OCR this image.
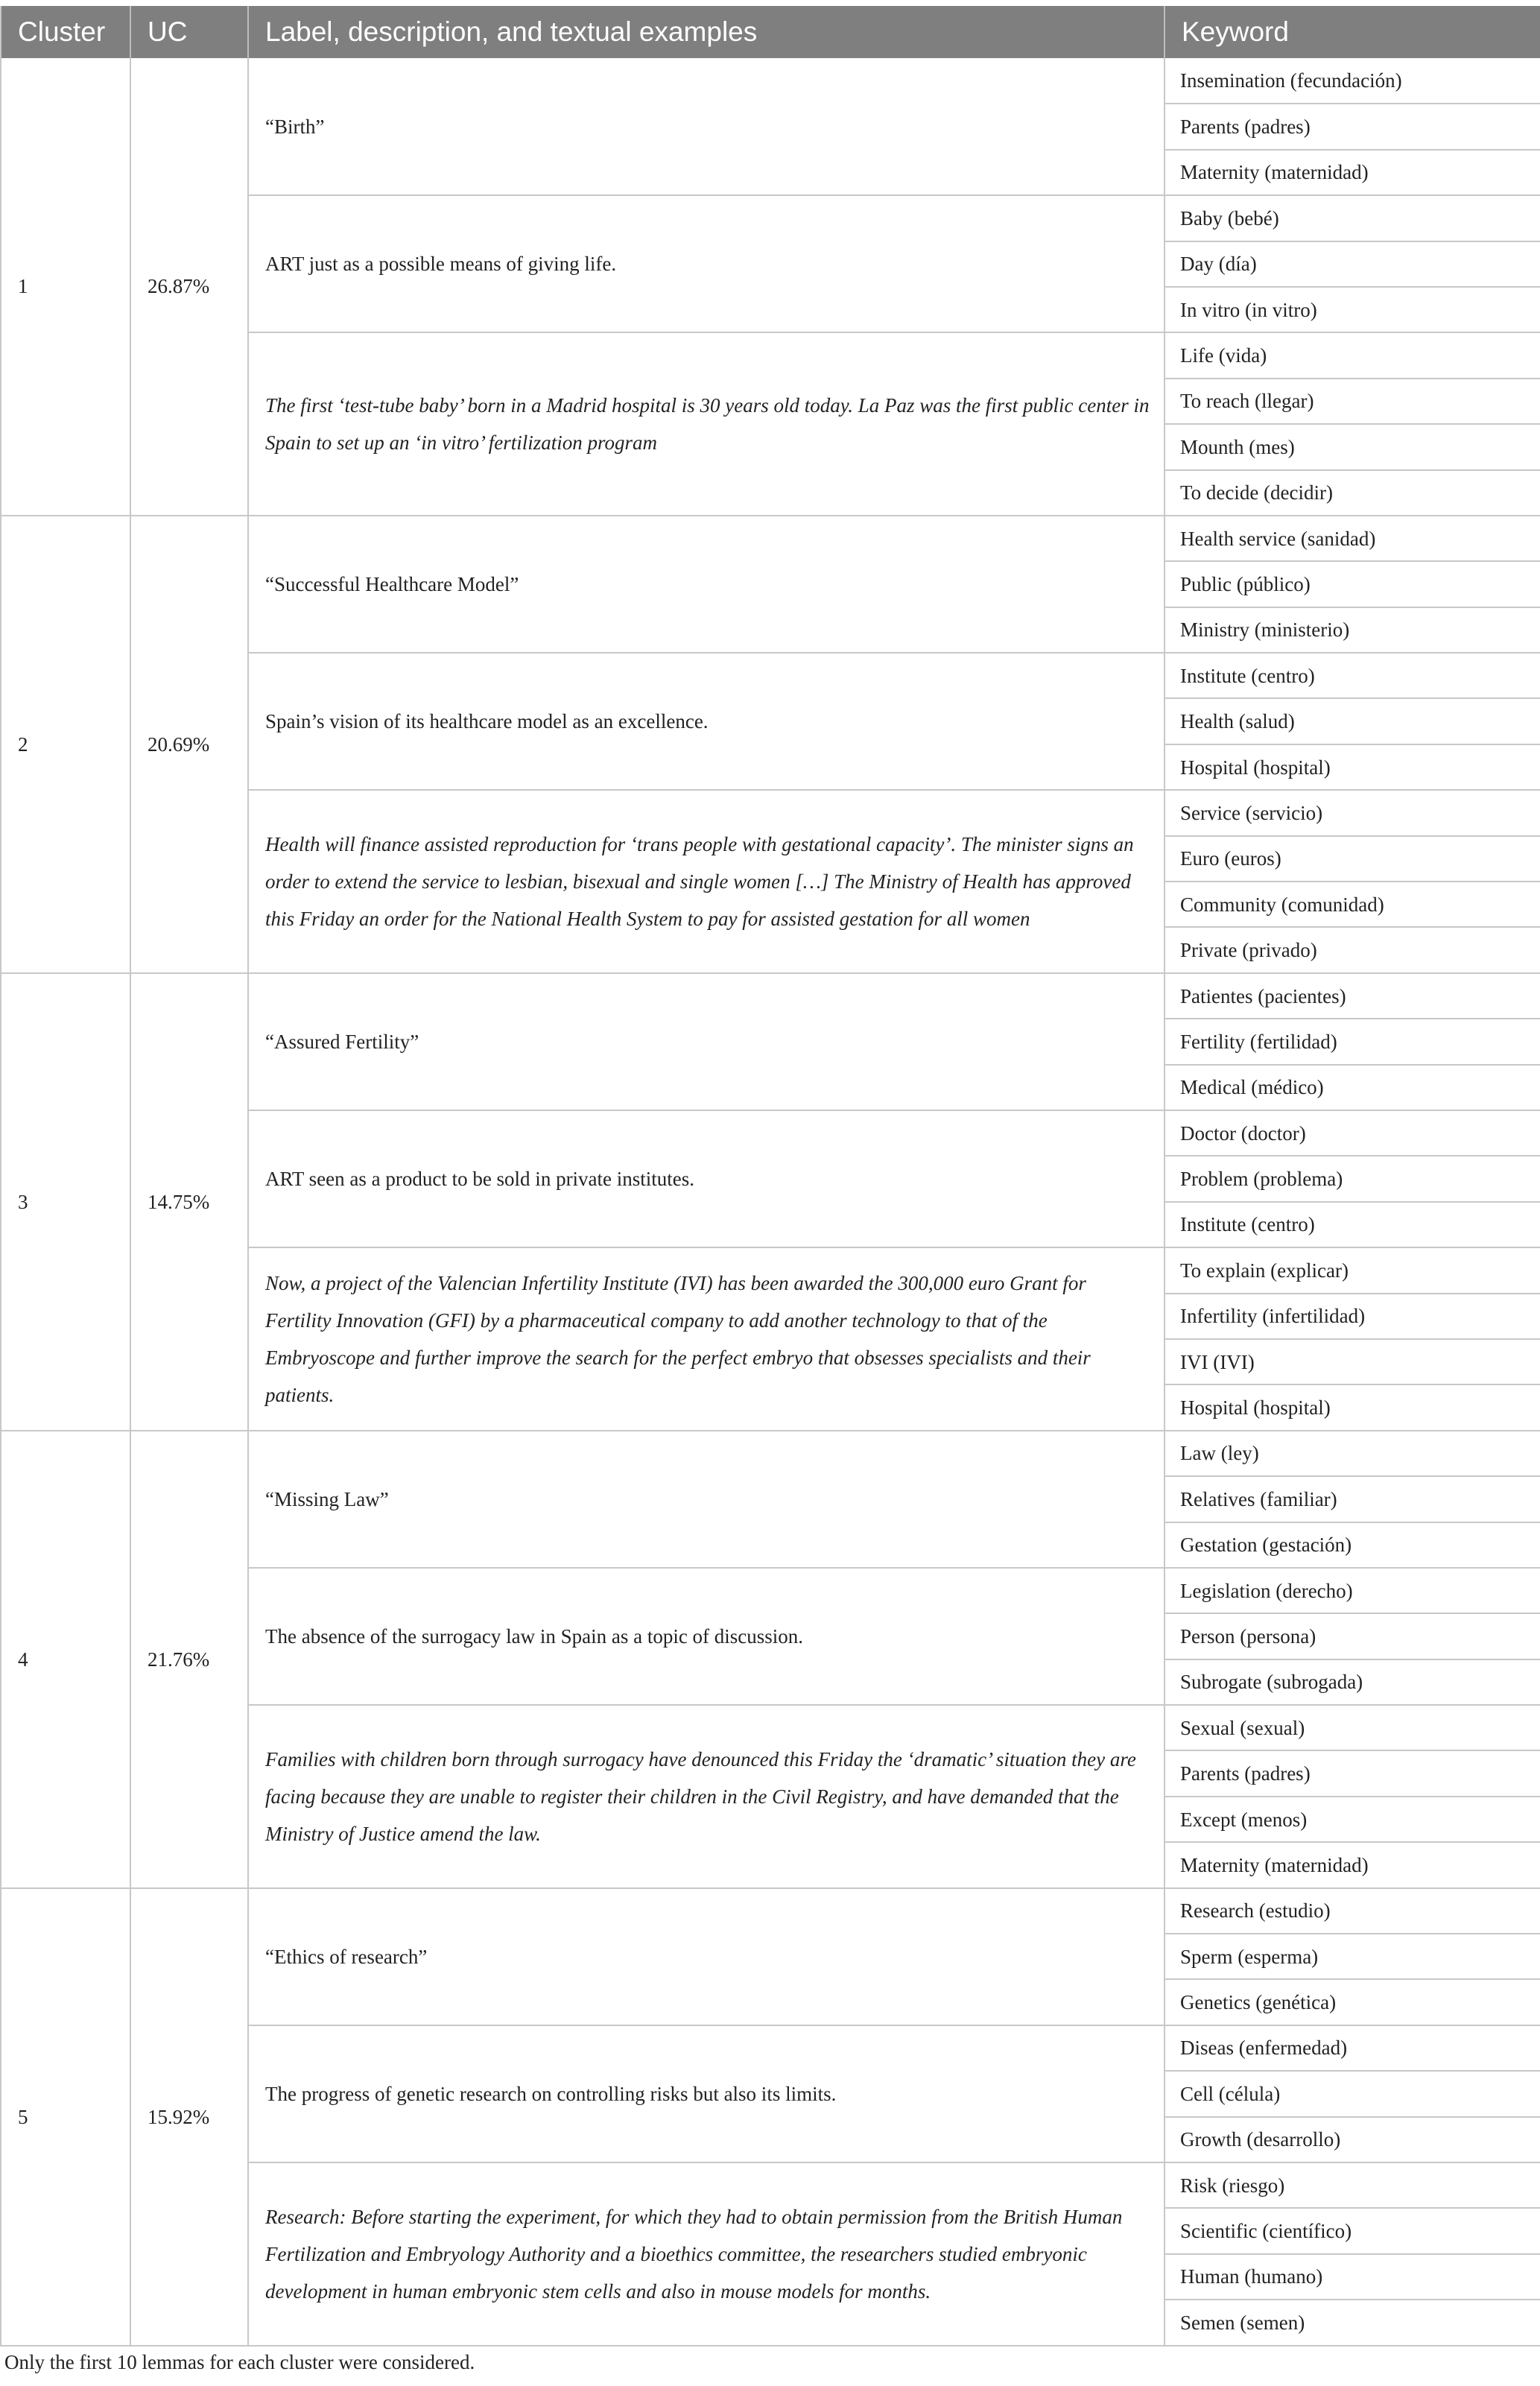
Cluster	UC	Label, description, and textual examples	Keyword
1	26.87%	“Birth”	Insemination (fecundación)
			Parents (padres)
			Maternity (maternidad)
		ART just as a possible means of giving life.	Baby (bebé)
			Day (día)
			In vitro (in vitro)
		The first ‘test-tube baby’ born in a Madrid hospital is 30 years old today. La Paz was the first public center in Spain to set up an ‘in vitro’ fertilization program	Life (vida)
			To reach (llegar)
			Mounth (mes)
			To decide (decidir)
2	20.69%	“Successful Healthcare Model”	Health service (sanidad)
			Public (público)
			Ministry (ministerio)
		Spain’s vision of its healthcare model as an excellence.	Institute (centro)
			Health (salud)
			Hospital (hospital)
		Health will finance assisted reproduction for ‘trans people with gestational capacity’. The minister signs an order to extend the service to lesbian, bisexual and single women […] The Ministry of Health has approved this Friday an order for the National Health System to pay for assisted gestation for all women	Service (servicio)
			Euro (euros)
			Community (comunidad)
			Private (privado)
3	14.75%	“Assured Fertility”	Patientes (pacientes)
			Fertility (fertilidad)
			Medical (médico)
		ART seen as a product to be sold in private institutes.	Doctor (doctor)
			Problem (problema)
			Institute (centro)
		Now, a project of the Valencian Infertility Institute (IVI) has been awarded the 300,000 euro Grant for Fertility Innovation (GFI) by a pharmaceutical company to add another technology to that of the Embryoscope and further improve the search for the perfect embryo that obsesses specialists and their patients.	To explain (explicar)
			Infertility (infertilidad)
			IVI (IVI)
			Hospital (hospital)
4	21.76%	“Missing Law”	Law (ley)
			Relatives (familiar)
			Gestation (gestación)
		The absence of the surrogacy law in Spain as a topic of discussion.	Legislation (derecho)
			Person (persona)
			Subrogate (subrogada)
		Families with children born through surrogacy have denounced this Friday the ‘dramatic’ situation they are facing because they are unable to register their children in the Civil Registry, and have demanded that the Ministry of Justice amend the law.	Sexual (sexual)
			Parents (padres)
			Except (menos)
			Maternity (maternidad)
5	15.92%	“Ethics of research”	Research (estudio)
			Sperm (esperma)
			Genetics (genética)
		The progress of genetic research on controlling risks but also its limits.	Diseas (enfermedad)
			Cell (célula)
			Growth (desarrollo)
		Research: Before starting the experiment, for which they had to obtain permission from the British Human Fertilization and Embryology Authority and a bioethics committee, the researchers studied embryonic development in human embryonic stem cells and also in mouse models for months.	Risk (riesgo)
			Scientific (científico)
			Human (humano)
			Semen (semen)
Only the first 10 lemmas for each cluster were considered.
